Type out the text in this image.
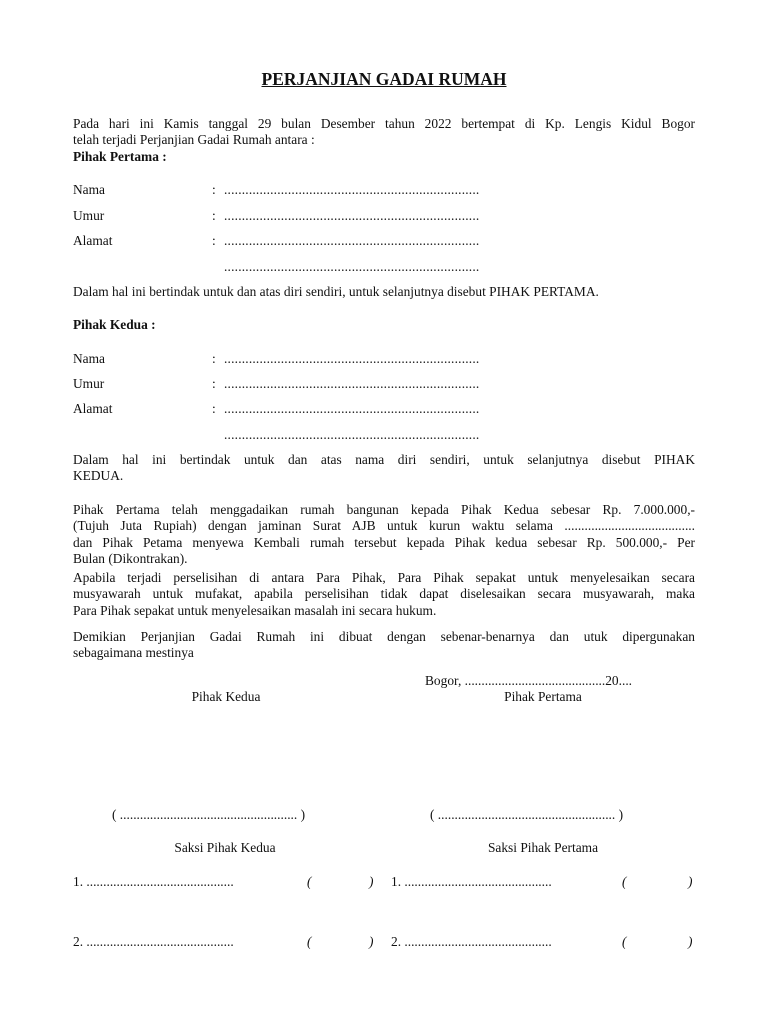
PERJANJIAN GADAI RUMAH
Pada hari ini Kamis tanggal 29 bulan Desember tahun 2022 bertempat di Kp. Lengis Kidul Bogor
telah terjadi Perjanjian Gadai Rumah antara :
Pihak Pertama :
Nama	: ........................................................................
Umur	: ........................................................................
Alamat	: ........................................................................
........................................................................
Dalam hal ini bertindak untuk dan atas diri sendiri, untuk selanjutnya disebut PIHAK PERTAMA.
Pihak Kedua :
Nama	: ........................................................................
Umur	: ........................................................................
Alamat	: ........................................................................
........................................................................
Dalam hal ini bertindak untuk dan atas nama diri sendiri, untuk selanjutnya disebut PIHAK
KEDUA.
Pihak Pertama telah menggadaikan rumah bangunan kepada Pihak Kedua sebesar Rp. 7.000.000,-
(Tujuh Juta Rupiah) dengan jaminan Surat AJB untuk kurun waktu selama .......................................
dan Pihak Petama menyewa Kembali rumah tersebut kepada Pihak kedua sebesar Rp. 500.000,- Per
Bulan (Dikontrakan).
Apabila terjadi perselisihan di antara Para Pihak, Para Pihak sepakat untuk menyelesaikan secara
musyawarah untuk mufakat, apabila perselisihan tidak dapat diselesaikan secara musyawarah, maka
Para Pihak sepakat untuk menyelesaikan masalah ini secara hukum.
Demikian Perjanjian Gadai Rumah ini dibuat dengan sebenar-benarnya dan utuk dipergunakan
sebagaimana mestinya
Bogor, ..........................................20....
Pihak Kedua	Pihak Pertama
( ..................................................... )	( ..................................................... )
Saksi Pihak Kedua	Saksi Pihak Pertama
1. ............................................	(	) 1. ............................................	(	)
2. ............................................	(	) 2. ............................................	(	)
